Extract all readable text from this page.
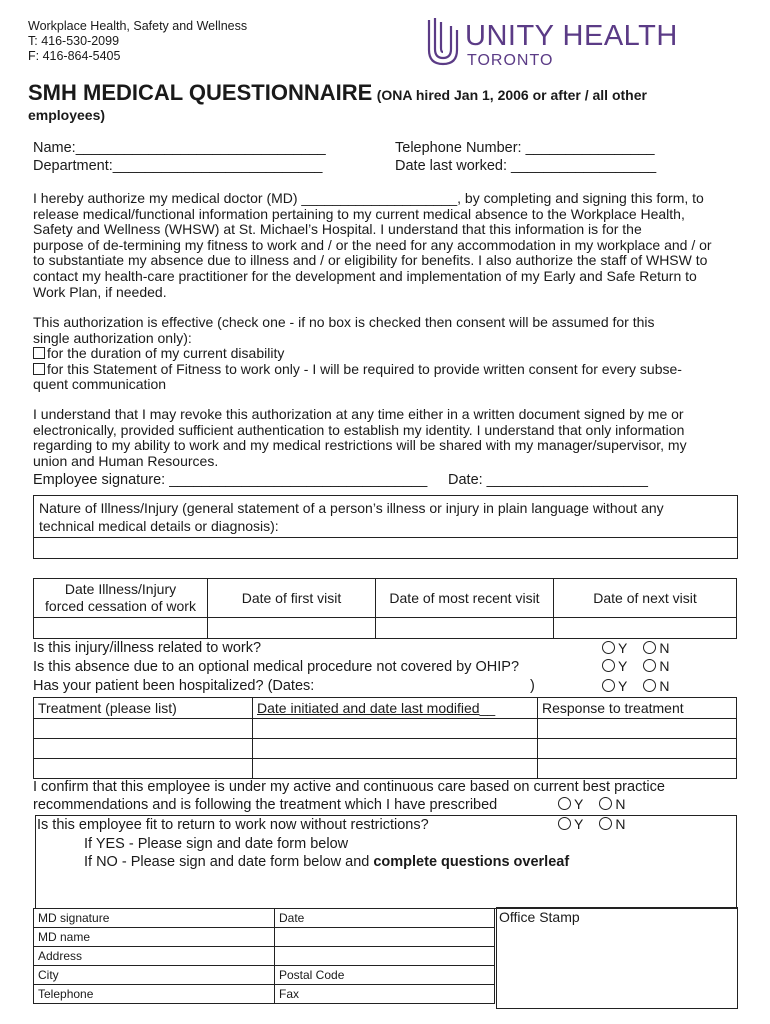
Workplace Health, Safety and Wellness
T: 416-530-2099
F: 416-864-5405
UNITY HEALTH
TORONTO
SMH MEDICAL QUESTIONNAIRE (ONA hired Jan 1, 2006 or after / all other
employees)
Name:_______________________________
Department:__________________________
Telephone Number: ________________
Date last worked: __________________
I hereby authorize my medical doctor (MD) ____________________, by completing and signing this form, to
release medical/functional information pertaining to my current medical absence to the Workplace Health,
Safety and Wellness (WHSW) at St. Michael’s Hospital. I understand that this information is for the
purpose of de-termining my fitness to work and / or the need for any accommodation in my workplace and / or
to substantiate my absence due to illness and / or eligibility for benefits. I also authorize the staff of WHSW to
contact my health-care practitioner for the development and implementation of my Early and Safe Return to
Work Plan, if needed.
This authorization is effective (check one - if no box is checked then consent will be assumed for this
single authorization only):
for the duration of my current disability
for this Statement of Fitness to work only - I will be required to provide written consent for every subse-
quent communication
I understand that I may revoke this authorization at any time either in a written document signed by me or
electronically, provided sufficient authentication to establish my identity. I understand that only information
regarding to my ability to work and my medical restrictions will be shared with my manager/supervisor, my
union and Human Resources.
Employee signature: ________________________________ Date: ____________________
Nature of Illness/Injury (general statement of a person’s illness or injury in plain language without any
technical medical details or diagnosis):
Date Illness/Injury
forced cessation of work	Date of first visit	Date of most recent visit	Date of next visit

Is this injury/illness related to work?	Y N
Is this absence due to an optional medical procedure not covered by OHIP?	Y N
Has your patient been hospitalized? (Dates:	)	Y N
Treatment (please list)	Date initiated and date last modified__	Response to treatment

I confirm that this employee is under my active and continuous care based on current best practice
recommendations and is following the treatment which I have prescribed	Y N
Is this employee fit to return to work now without restrictions?
If YES - Please sign and date form below
If NO - Please sign and date form below and complete questions overleaf
Y N
MD signature	Date
MD name	
Address	
City	Postal Code
Telephone	Fax
Office Stamp
